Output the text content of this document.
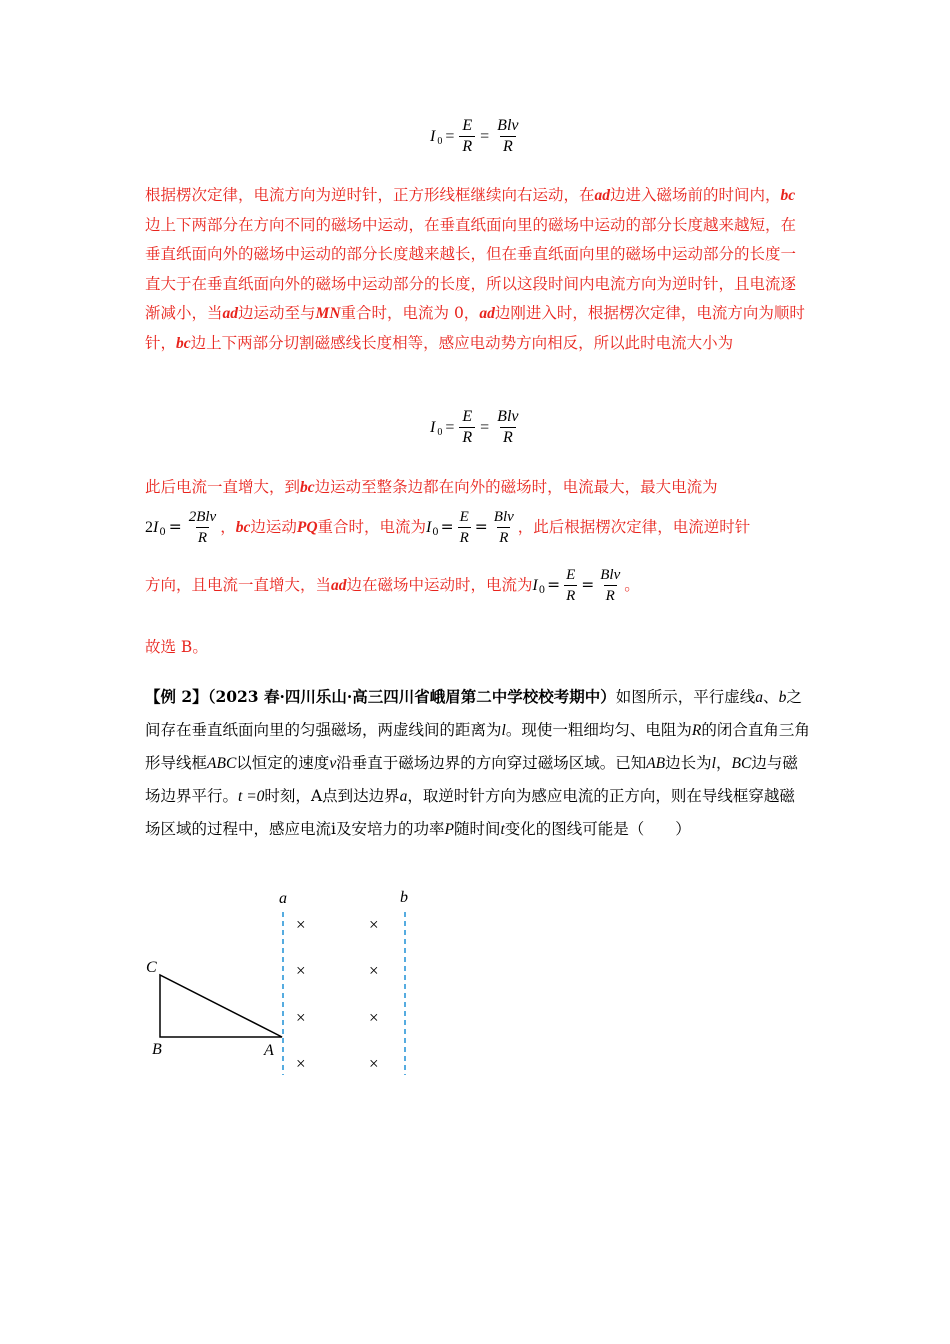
I $0 = \frac{E}{R} = \frac{\text{Blv}}{R}$

根据楞次定律，电流方向为逆时针，正方形线框继续向右运动，在ad边进入磁场前的时间内，bc边上下两部分在方向不同的磁场中运动，在垂直纸面向里的磁场中运动的部分长度越来越短，在垂直纸面向外的磁场中运动的部分长度越来越长，但在垂直纸面向里的磁场中运动部分的长度一直大于在垂直纸面向外的磁场中运动部分的长度，所以这段时间内电流方向为逆时针，且电流逐渐减小，当ad边运动至与MN重合时，电流为 0，ad边刚进入时，根据楞次定律，电流方向为顺时针，bc边上下两部分切割磁感线长度相等，感应电动势方向相反，所以此时电流大小为

I $0 = \frac{E}{R} = \frac{\text{Blv}}{R}$

此后电流一直增大，到bc边运动至整条边都在向外的磁场时，电流最大，最大电流为

2 I $0 = \frac{\text{2Blv}}{R}$ ， bc 边运动 PQ 重合时，电流为 I $0 = \frac{E}{R} = \frac{\text{Blv}}{R}$ ，此后根据楞次定律，电流逆时针
方向，且电流一直增大，当 ad 边在磁场中运动时，电流为 I $0 = \frac{E}{R} = \frac{\text{Blv}}{R}$ 。

故选 B。

【例 2】（2023 春·四川乐山·高三四川省峨眉第二中学校校考期中）如图所示，平行虚线a、b之间存在垂直纸面向里的匀强磁场，两虚线间的距离为l。现使一粗细均匀、电阻为R的闭合直角三角形导线框ABC以恒定的速度v沿垂直于磁场边界的方向穿过磁场区域。已知AB边长为l，BC边与磁场边界平行。t =0时刻，A点到达边界a，取逆时针方向为感应电流的正方向，则在导线框穿越磁场区域的过程中，感应电流i及安培力的功率P随时间t变化的图线可能是（　　）

a	b
C
B	A
×	×
×	×
×	×
×	×
